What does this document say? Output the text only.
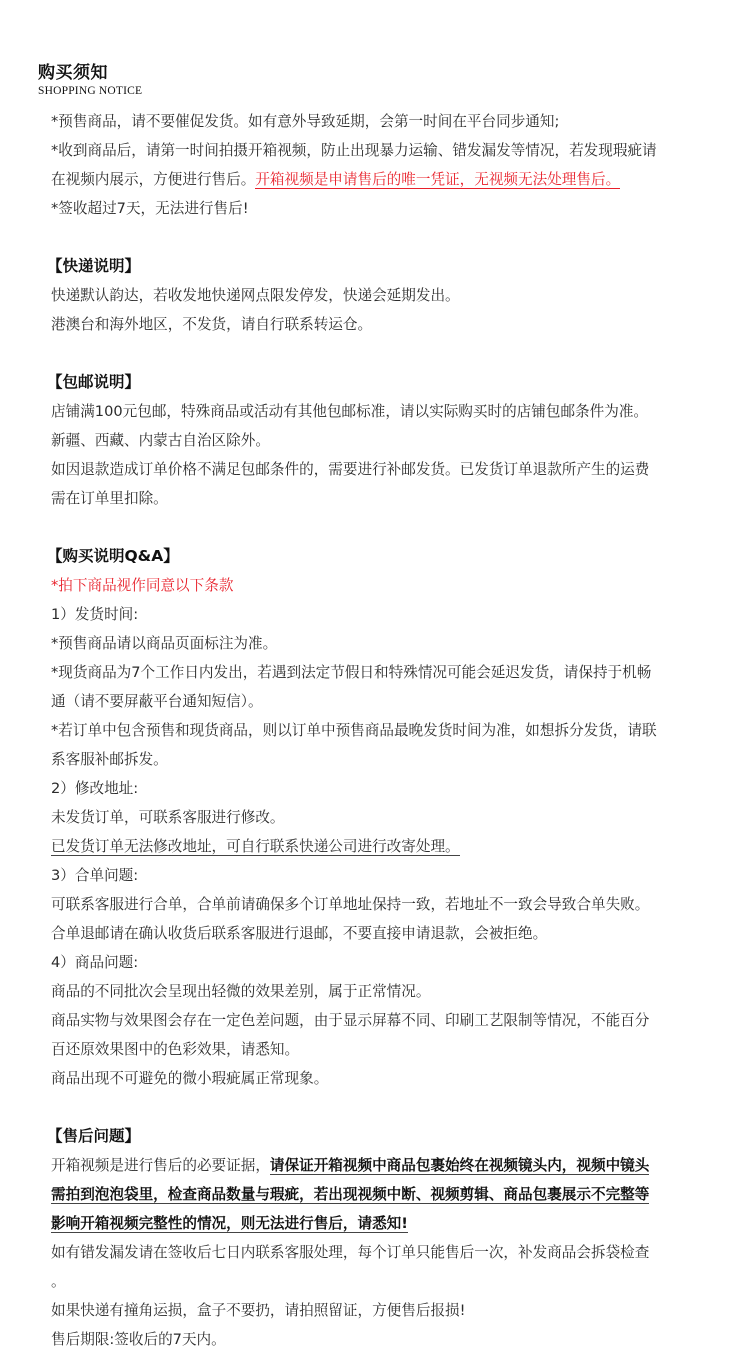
购买须知
SHOPPING NOTICE

*预售商品，请不要催促发货。如有意外导致延期，会第一时间在平台同步通知;

*收到商品后，请第一时间拍摄开箱视频，防止出现暴力运输、错发漏发等情况，若发现瑕疵请

在视频内展示，方便进行售后。开箱视频是申请售后的唯一凭证，无视频无法处理售后。

*签收超过7天，无法进行售后!

【快递说明】

快递默认韵达，若收发地快递网点限发停发，快递会延期发出。

港澳台和海外地区，不发货，请自行联系转运仓。

【包邮说明】

店铺满100元包邮，特殊商品或活动有其他包邮标准，请以实际购买时的店铺包邮条件为准。

新疆、西藏、内蒙古自治区除外。

如因退款造成订单价格不满足包邮条件的，需要进行补邮发货。已发货订单退款所产生的运费

需在订单里扣除。

【购买说明Q&A】

*拍下商品视作同意以下条款

1）发货时间:

*预售商品请以商品页面标注为准。

*现货商品为7个工作日内发出，若遇到法定节假日和特殊情况可能会延迟发货，请保持于机畅

通（请不要屏蔽平台通知短信）。

*若订单中包含预售和现货商品，则以订单中预售商品最晚发货时间为准，如想拆分发货，请联

系客服补邮拆发。

2）修改地址:

未发货订单，可联系客服进行修改。

已发货订单无法修改地址，可自行联系快递公司进行改寄处理。

3）合单问题:

可联系客服进行合单，合单前请确保多个订单地址保持一致，若地址不一致会导致合单失败。

合单退邮请在确认收货后联系客服进行退邮，不要直接申请退款，会被拒绝。

4）商品问题:

商品的不同批次会呈现出轻微的效果差别，属于正常情况。

商品实物与效果图会存在一定色差问题，由于显示屏幕不同、印刷工艺限制等情况，不能百分

百还原效果图中的色彩效果，请悉知。

商品出现不可避免的微小瑕疵属正常现象。

【售后问题】

开箱视频是进行售后的必要证据，请保证开箱视频中商品包裹始终在视频镜头内，视频中镜头

需拍到泡泡袋里，检查商品数量与瑕疵，若出现视频中断、视频剪辑、商品包裹展示不完整等

影响开箱视频完整性的情况，则无法进行售后，请悉知!

如有错发漏发请在签收后七日内联系客服处理，每个订单只能售后一次，补发商品会拆袋检查

。

如果快递有撞角运损，盒子不要扔，请拍照留证，方便售后报损!

售后期限:签收后的7天内。
